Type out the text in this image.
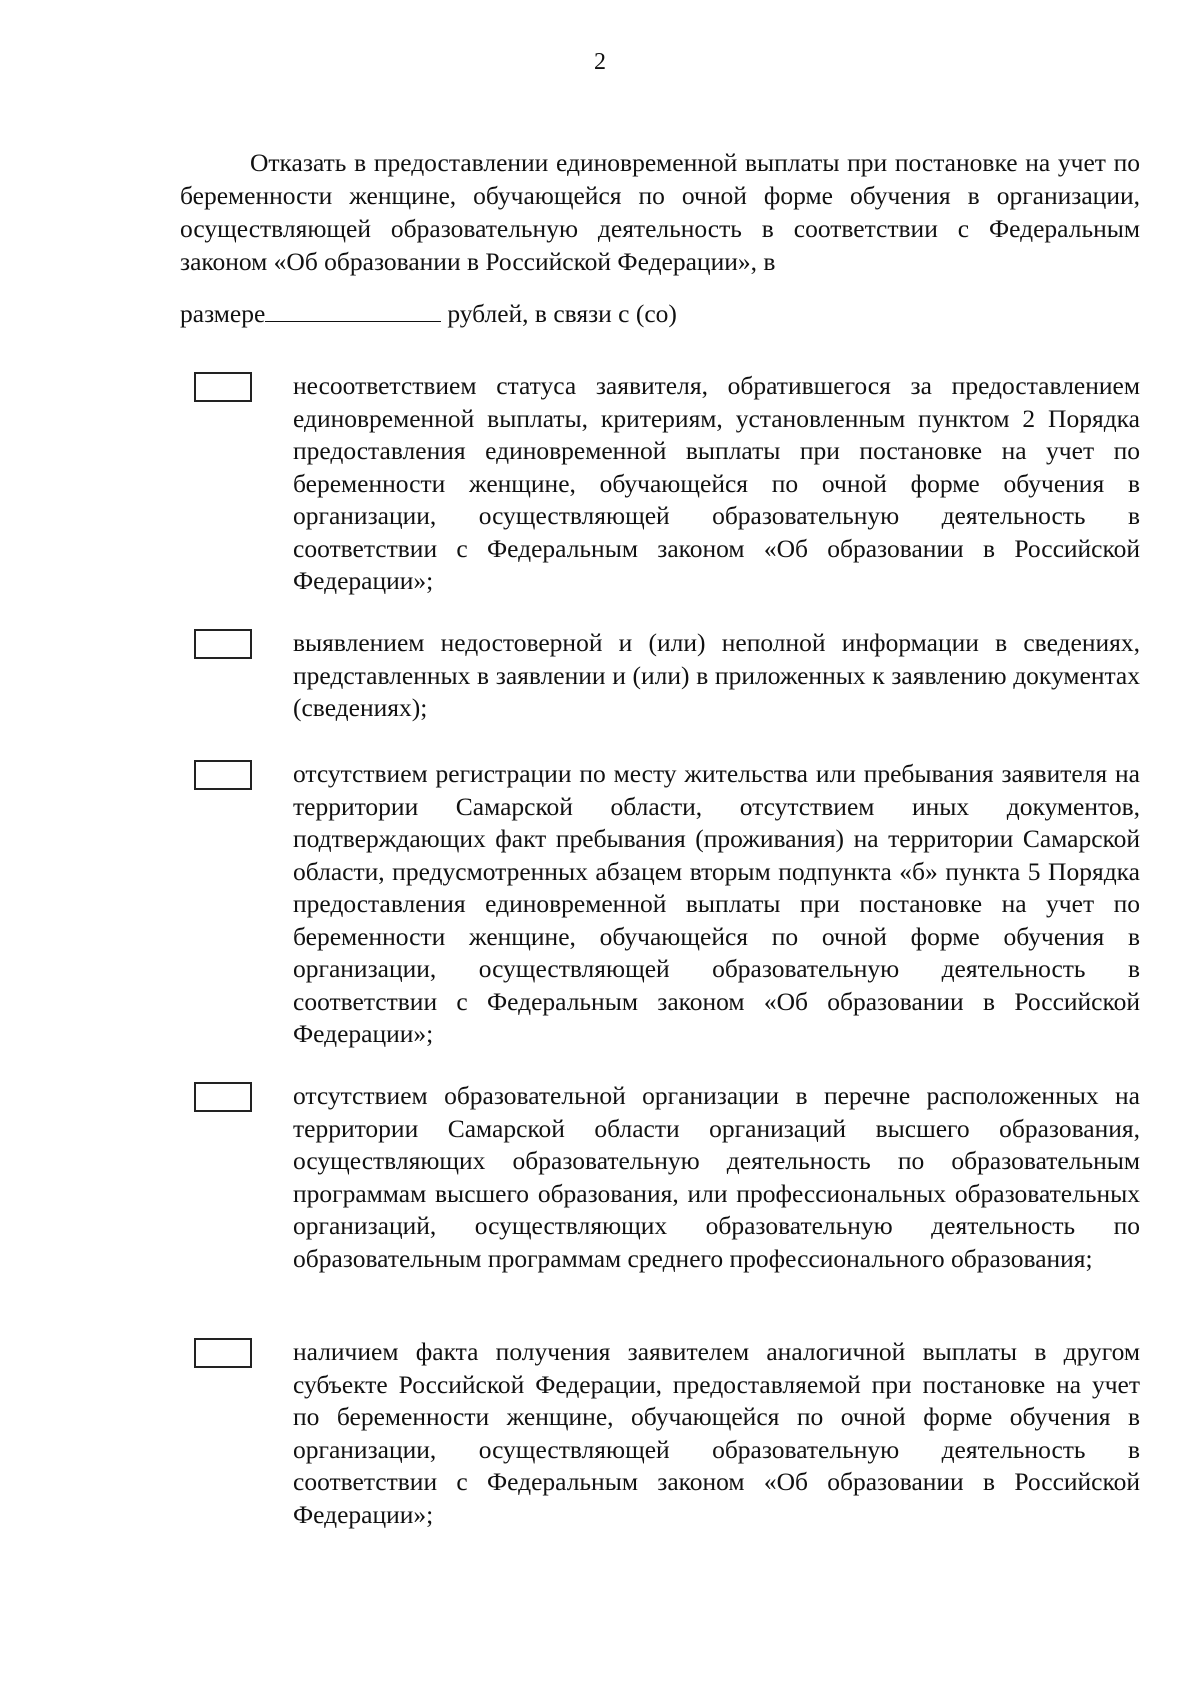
2

Отказать в предоставлении единовременной выплаты при постановке на учет по беременности женщине, обучающейся по очной форме обучения в организации, осуществляющей образовательную деятельность в соответствии с Федеральным законом «Об образовании в Российской Федерации», в

размере	рублей, в связи с (со)

несоответствием статуса заявителя, обратившегося за предоставлением единовременной выплаты, критериям, установленным пунктом 2 Порядка предоставления единовременной выплаты при постановке на учет по беременности женщине, обучающейся по очной форме обучения в организации, осуществляющей образовательную деятельность в соответствии с Федеральным законом «Об образовании в Российской Федерации»;

выявлением недостоверной и (или) неполной информации в сведениях, представленных в заявлении и (или) в приложенных к заявлению документах (сведениях);

отсутствием регистрации по месту жительства или пребывания заявителя на территории Самарской области, отсутствием иных документов, подтверждающих факт пребывания (проживания) на территории Самарской области, предусмотренных абзацем вторым подпункта «б» пункта 5 Порядка предоставления единовременной выплаты при постановке на учет по беременности женщине, обучающейся по очной форме обучения в организации, осуществляющей образовательную деятельность в соответствии с Федеральным законом «Об образовании в Российской Федерации»;

отсутствием образовательной организации в перечне расположенных на территории Самарской области организаций высшего образования, осуществляющих образовательную деятельность по образовательным программам высшего образования, или профессиональных образовательных организаций, осуществляющих образовательную деятельность по образовательным программам среднего профессионального образования;

наличием факта получения заявителем аналогичной выплаты в другом субъекте Российской Федерации, предоставляемой при постановке на учет по беременности женщине, обучающейся по очной форме обучения в организации, осуществляющей образовательную деятельность в соответствии с Федеральным законом «Об образовании в Российской Федерации»;
